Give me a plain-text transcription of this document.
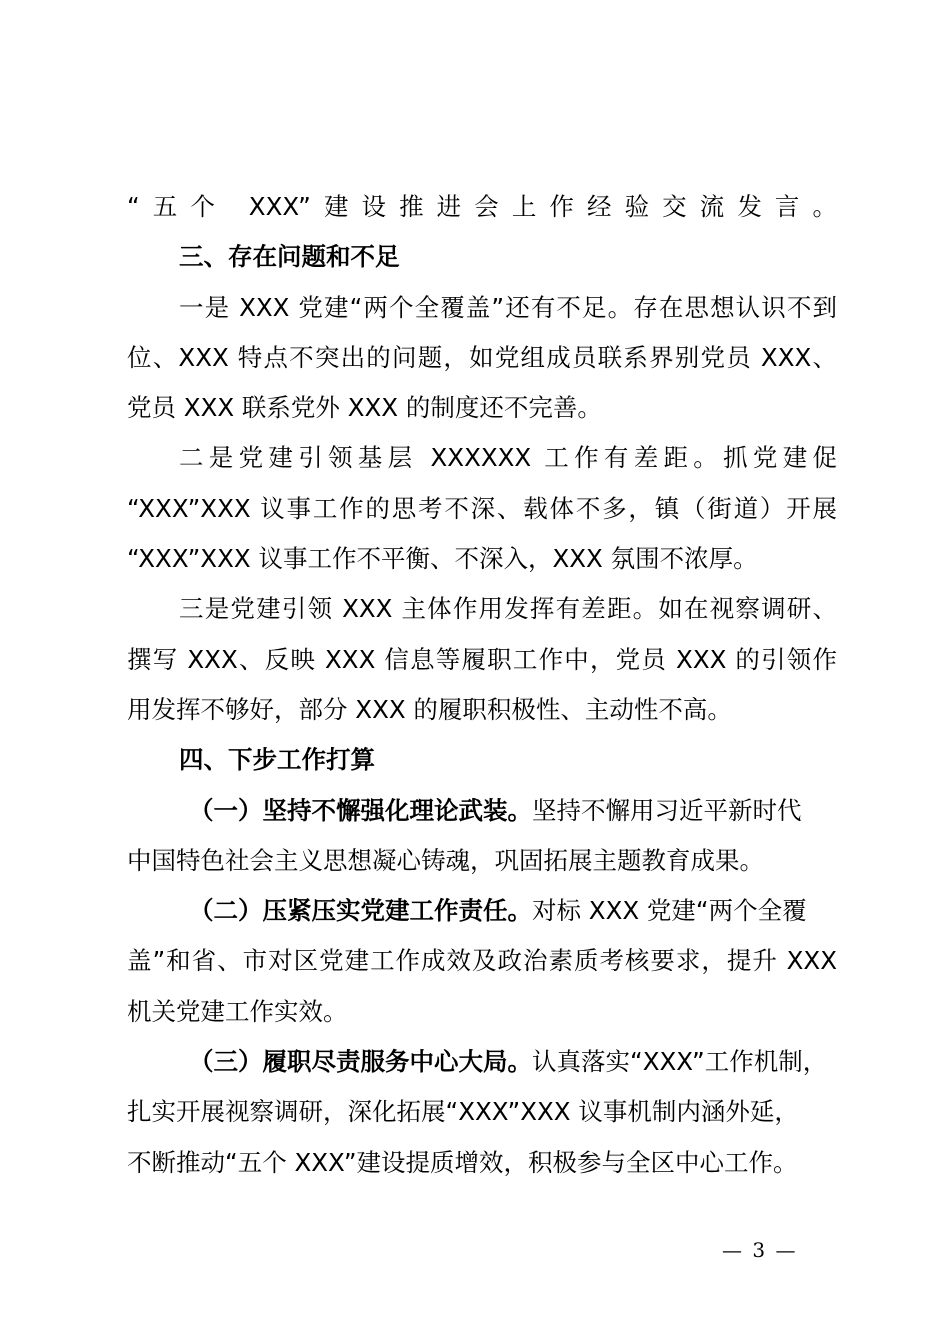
“五个 XXX”建设推进会上作经验交流发言。
三、存在问题和不足
一是 XXX 党建“两个全覆盖”还有不足。存在思想认识不到
位、XXX 特点不突出的问题，如党组成员联系界别党员 XXX、
党员 XXX 联系党外 XXX 的制度还不完善。
二是党建引领基层 XXXXXX 工作有差距。抓党建促
“XXX”XXX 议事工作的思考不深、载体不多，镇（街道）开展
“XXX”XXX 议事工作不平衡、不深入，XXX 氛围不浓厚。
三是党建引领 XXX 主体作用发挥有差距。如在视察调研、
撰写 XXX、反映 XXX 信息等履职工作中，党员 XXX 的引领作
用发挥不够好，部分 XXX 的履职积极性、主动性不高。
四、下步工作打算
（一）坚持不懈强化理论武装。坚持不懈用习近平新时代
中国特色社会主义思想凝心铸魂，巩固拓展主题教育成果。
（二）压紧压实党建工作责任。对标 XXX 党建“两个全覆
盖”和省、市对区党建工作成效及政治素质考核要求，提升 XXX
机关党建工作实效。
（三）履职尽责服务中心大局。认真落实“XXX”工作机制，
扎实开展视察调研，深化拓展“XXX”XXX 议事机制内涵外延，
不断推动“五个 XXX”建设提质增效，积极参与全区中心工作。
— 3 —
